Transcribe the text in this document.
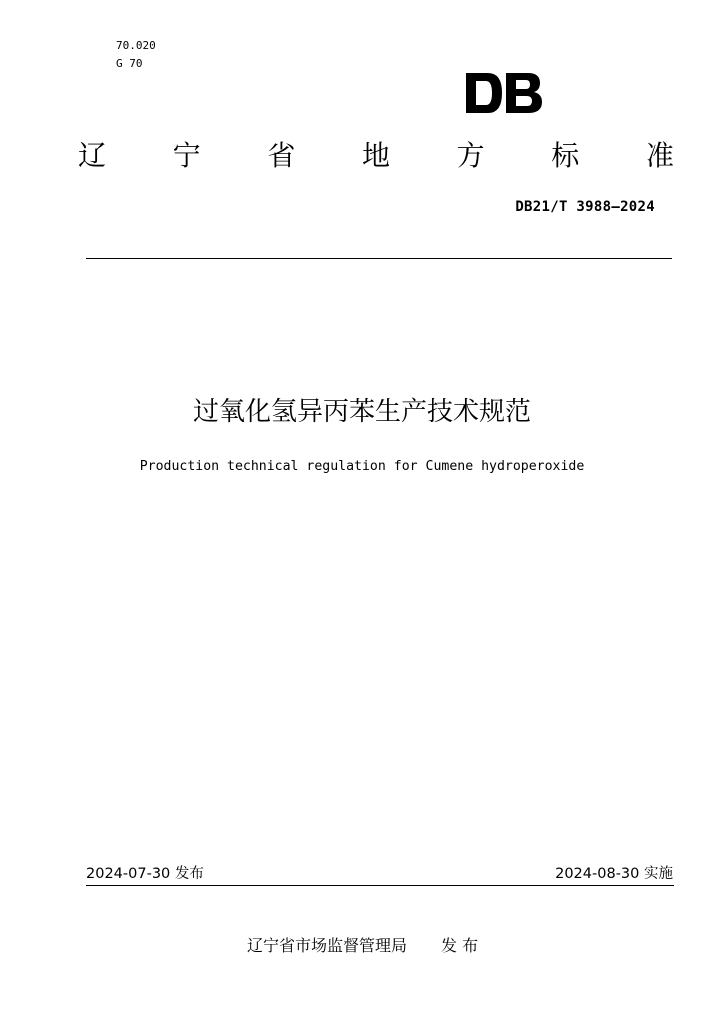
70.020
G 70
辽 宁 省 地 方 标 准
DB21/T 3988—2024
过氧化氢异丙苯生产技术规范
Production technical regulation for Cumene hydroperoxide
2024-07-30 发布	2024-08-30 实施
辽宁省市场监督管理局 发 布
